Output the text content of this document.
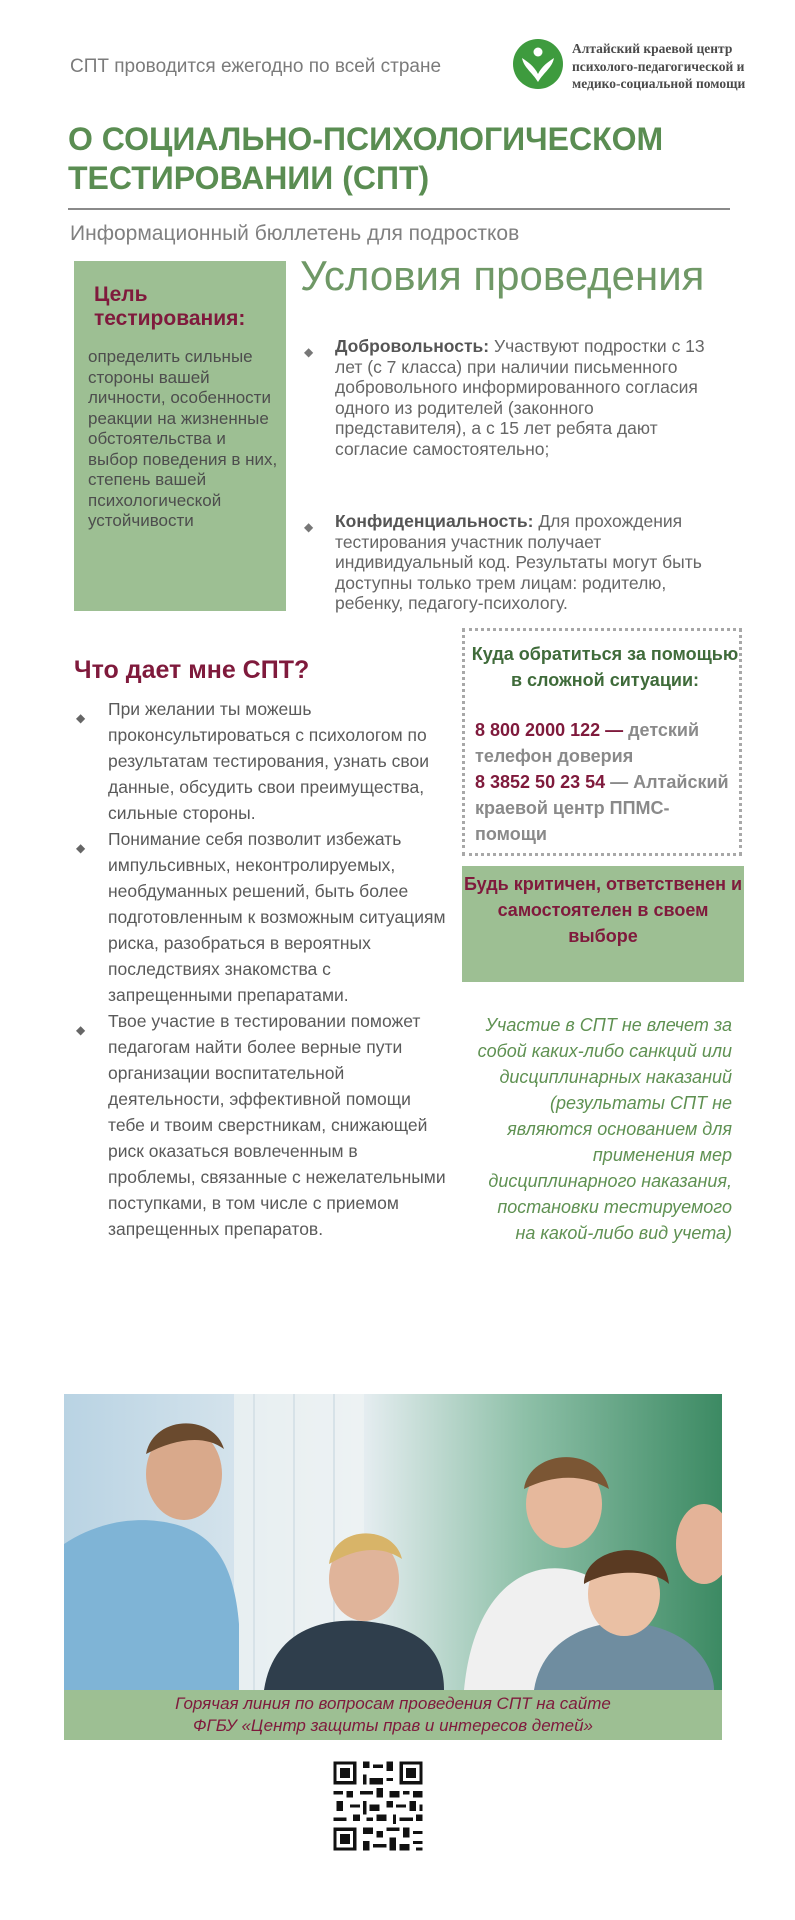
СПТ проводится ежегодно по всей стране
Алтайский краевой центр
психолого-педагогической и
медико-социальной помощи
О СОЦИАЛЬНО-ПСИХОЛОГИЧЕСКОМ
ТЕСТИРОВАНИИ (СПТ)
Информационный бюллетень для подростков
Цель тестирования:
определить сильные стороны вашей личности, особенности реакции на жизненные обстоятельства и выбор поведения в них, степень вашей психологической устойчивости
Условия проведения
◆ Добровольность: Участвуют подростки с 13 лет (с 7 класса) при наличии письменного добровольного информированного согласия одного из родителей (законного представителя), а с 15 лет ребята дают согласие самостоятельно;
◆ Конфиденциальность: Для прохождения тестирования участник получает индивидуальный код. Результаты могут быть доступны только трем лицам: родителю, ребенку, педагогу-психологу.
Что дает мне СПТ?
◆ При желании ты можешь проконсультироваться с психологом по результатам тестирования, узнать свои данные, обсудить свои преимущества, сильные стороны.
◆ Понимание себя позволит избежать импульсивных, неконтролируемых, необдуманных решений, быть более подготовленным к возможным ситуациям риска, разобраться в вероятных последствиях знакомства с запрещенными препаратами.
◆ Твое участие в тестировании поможет педагогам найти более верные пути организации воспитательной деятельности, эффективной помощи тебе и твоим сверстникам, снижающей риск оказаться вовлеченным в проблемы, связанные с нежелательными поступками, в том числе с приемом запрещенных препаратов.
Куда обратиться за помощью в сложной ситуации:
8 800 2000 122 — детский телефон доверия
8 3852 50 23 54 — Алтайский краевой центр ППМС-помощи
Будь критичен, ответственен и самостоятелен в своем выборе
Участие в СПТ не влечет за собой каких-либо санкций или дисциплинарных наказаний (результаты СПТ не являются основанием для применения мер дисциплинарного наказания, постановки тестируемого на какой-либо вид учета)
Горячая линия по вопросам проведения СПТ на сайте
ФГБУ «Центр защиты прав и интересов детей»
